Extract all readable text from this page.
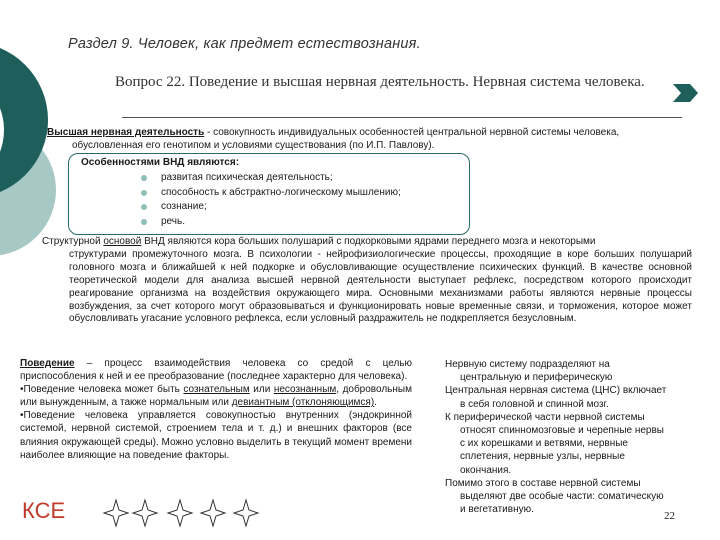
Раздел 9. Человек, как предмет естествознания.
Вопрос 22. Поведение и высшая нервная деятельность. Нервная система человека.
Высшая нервная деятельность - совокупность индивидуальных особенностей центральной нервной системы человека,
обусловленная его генотипом и условиями существования (по И.П. Павлову).
Особенностями ВНД являются:
развитая психическая деятельность;
способность к абстрактно-логическому мышлению;
сознание;
речь.
Структурной основой ВНД являются кора больших полушарий с подкорковыми ядрами переднего мозга и некоторыми
структурами промежуточного мозга. В психологии - нейрофизиологические процессы, проходящие в коре больших полушарий головного мозга и ближайшей к ней подкорке и обусловливающие осуществление психических функций. В качестве основной теоретической модели для анализа высшей нервной деятельности выступает рефлекс, посредством которого происходит реагирование организма на воздействия окружающего мира. Основными механизмами работы являются нервные процессы возбуждения, за счет которого могут образовываться и функционировать новые временные связи, и торможения, которое может обусловливать угасание условного рефлекса, если условный раздражитель не подкрепляется безусловным.
Поведение – процесс взаимодействия человека со средой с целью приспособления к ней и ее преобразование (последнее характерно для человека).
•Поведение человека может быть сознательным или несознанным, добровольным или вынужденным, а также нормальным или девиантным (отклоняющимся).
•Поведение человека управляется совокупностью внутренних (эндокринной системой, нервной системой, строением тела и т. д.) и внешних факторов (все влияния окружающей среды). Можно условно выделить в текущий момент времени наиболее влияющие на поведение факторы.
Нервную систему подразделяют на
центральную и периферическую
Центральная нервная система (ЦНС) включает
в себя головной и спинной мозг.
К периферической части нервной системы
относят спинномозговые и черепные нервы
с их корешками и ветвями, нервные
сплетения, нервные узлы, нервные
окончания.
Помимо этого в составе нервной системы
выделяют две особые части: соматическую
и вегетативную.
КСЕ	22
